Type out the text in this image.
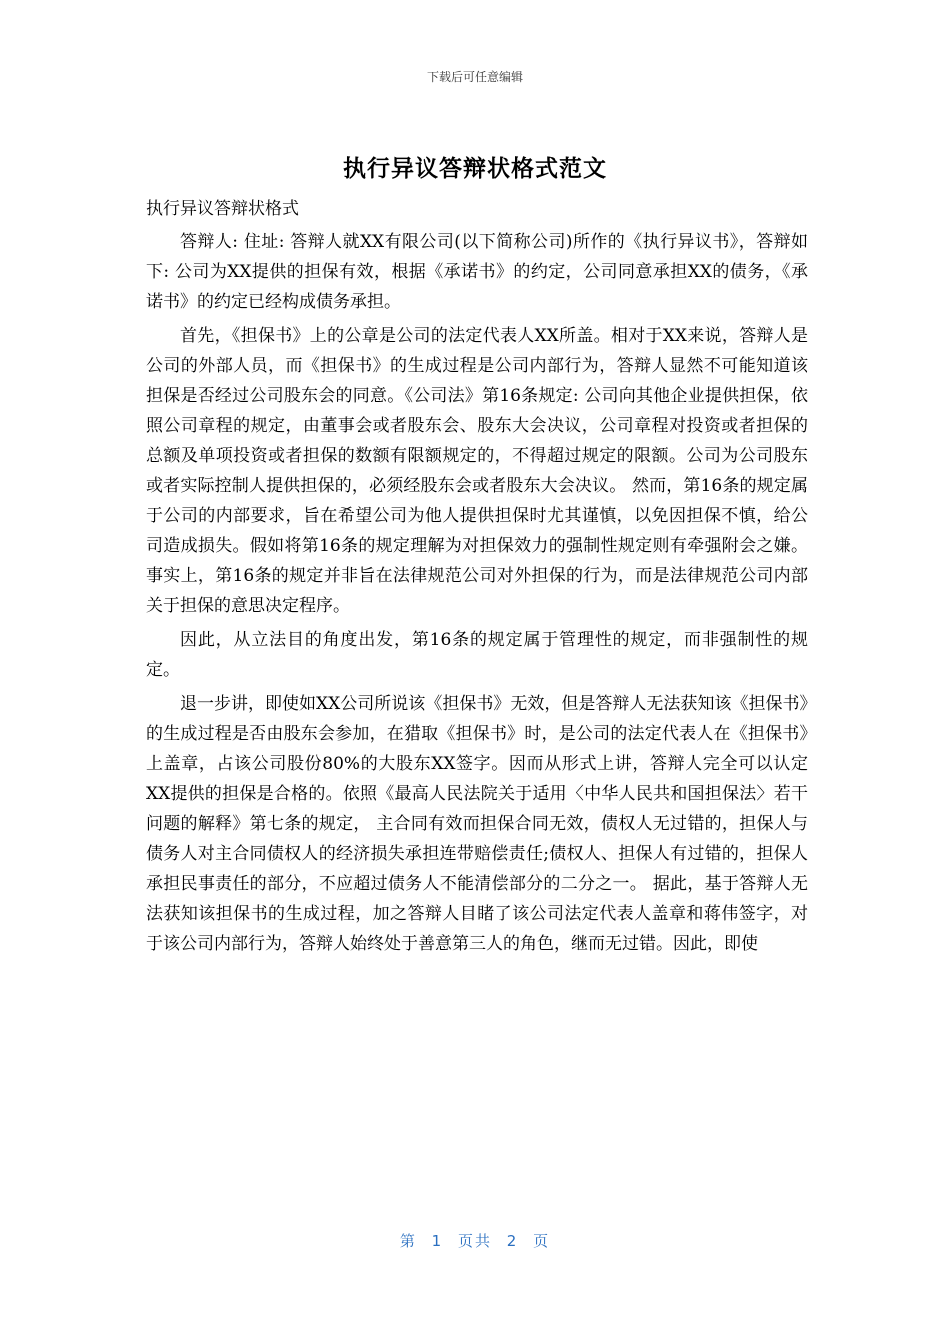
下载后可任意编辑
执行异议答辩状格式范文

执行异议答辩状格式

答辩人: 住址: 答辩人就XX有限公司(以下简称公司)所作的《执行异议书》，答辩如下: 公司为XX提供的担保有效，根据《承诺书》的约定，公司同意承担XX的债务，《承诺书》的约定已经构成债务承担。

首先，《担保书》上的公章是公司的法定代表人XX所盖。相对于XX来说，答辩人是公司的外部人员，而《担保书》的生成过程是公司内部行为，答辩人显然不可能知道该担保是否经过公司股东会的同意。《公司法》第16条规定: 公司向其他企业提供担保，依照公司章程的规定，由董事会或者股东会、股东大会决议，公司章程对投资或者担保的总额及单项投资或者担保的数额有限额规定的，不得超过规定的限额。公司为公司股东或者实际控制人提供担保的，必须经股东会或者股东大会决议。 然而，第16条的规定属于公司的内部要求，旨在希望公司为他人提供担保时尤其谨慎，以免因担保不慎，给公司造成损失。假如将第16条的规定理解为对担保效力的强制性规定则有牵强附会之嫌。事实上，第16条的规定并非旨在法律规范公司对外担保的行为，而是法律规范公司内部关于担保的意思决定程序。

因此，从立法目的角度出发，第16条的规定属于管理性的规定，而非强制性的规定。

退一步讲，即使如XX公司所说该《担保书》无效，但是答辩人无法获知该《担保书》的生成过程是否由股东会参加，在猎取《担保书》时，是公司的法定代表人在《担保书》上盖章，占该公司股份80%的大股东XX签字。因而从形式上讲，答辩人完全可以认定XX提供的担保是合格的。依照《最高人民法院关于适用〈中华人民共和国担保法〉若干问题的解释》第七条的规定， 主合同有效而担保合同无效，债权人无过错的，担保人与债务人对主合同债权人的经济损失承担连带赔偿责任;债权人、担保人有过错的，担保人承担民事责任的部分，不应超过债务人不能清偿部分的二分之一。 据此，基于答辩人无法获知该担保书的生成过程，加之答辩人目睹了该公司法定代表人盖章和蒋伟签字，对于该公司内部行为，答辩人始终处于善意第三人的角色，继而无过错。因此，即使

第 1 页共 2 页
